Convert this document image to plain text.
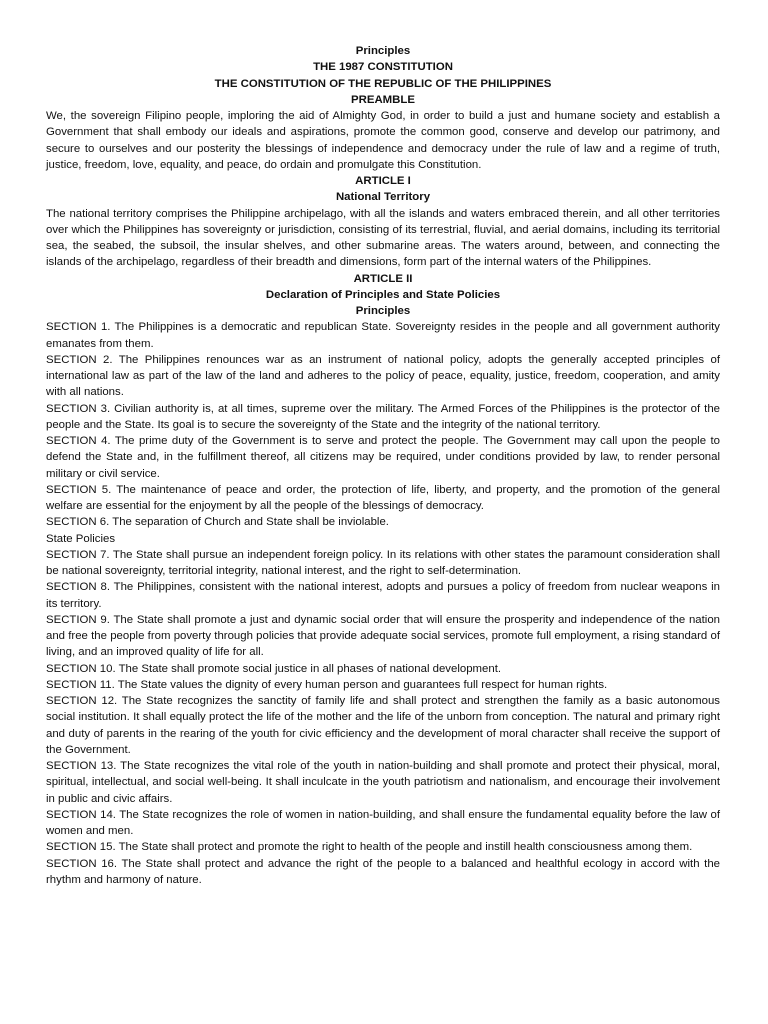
Principles
THE 1987 CONSTITUTION
THE CONSTITUTION OF THE REPUBLIC OF THE PHILIPPINES
PREAMBLE

We, the sovereign Filipino people, imploring the aid of Almighty God, in order to build a just and humane society and establish a Government that shall embody our ideals and aspirations, promote the common good, conserve and develop our patrimony, and secure to ourselves and our posterity the blessings of independence and democracy under the rule of law and a regime of truth, justice, freedom, love, equality, and peace, do ordain and promulgate this Constitution.

ARTICLE I
National Territory

The national territory comprises the Philippine archipelago, with all the islands and waters embraced therein, and all other territories over which the Philippines has sovereignty or jurisdiction, consisting of its terrestrial, fluvial, and aerial domains, including its territorial sea, the seabed, the subsoil, the insular shelves, and other submarine areas. The waters around, between, and connecting the islands of the archipelago, regardless of their breadth and dimensions, form part of the internal waters of the Philippines.

ARTICLE II
Declaration of Principles and State Policies
Principles

SECTION 1. The Philippines is a democratic and republican State. Sovereignty resides in the people and all government authority emanates from them.

SECTION 2. The Philippines renounces war as an instrument of national policy, adopts the generally accepted principles of international law as part of the law of the land and adheres to the policy of peace, equality, justice, freedom, cooperation, and amity with all nations.

SECTION 3. Civilian authority is, at all times, supreme over the military. The Armed Forces of the Philippines is the protector of the people and the State. Its goal is to secure the sovereignty of the State and the integrity of the national territory.

SECTION 4. The prime duty of the Government is to serve and protect the people. The Government may call upon the people to defend the State and, in the fulfillment thereof, all citizens may be required, under conditions provided by law, to render personal military or civil service.

SECTION 5. The maintenance of peace and order, the protection of life, liberty, and property, and the promotion of the general welfare are essential for the enjoyment by all the people of the blessings of democracy.

SECTION 6. The separation of Church and State shall be inviolable.

State Policies

SECTION 7. The State shall pursue an independent foreign policy. In its relations with other states the paramount consideration shall be national sovereignty, territorial integrity, national interest, and the right to self-determination.

SECTION 8. The Philippines, consistent with the national interest, adopts and pursues a policy of freedom from nuclear weapons in its territory.

SECTION 9. The State shall promote a just and dynamic social order that will ensure the prosperity and independence of the nation and free the people from poverty through policies that provide adequate social services, promote full employment, a rising standard of living, and an improved quality of life for all.

SECTION 10. The State shall promote social justice in all phases of national development.

SECTION 11. The State values the dignity of every human person and guarantees full respect for human rights.

SECTION 12. The State recognizes the sanctity of family life and shall protect and strengthen the family as a basic autonomous social institution. It shall equally protect the life of the mother and the life of the unborn from conception. The natural and primary right and duty of parents in the rearing of the youth for civic efficiency and the development of moral character shall receive the support of the Government.

SECTION 13. The State recognizes the vital role of the youth in nation-building and shall promote and protect their physical, moral, spiritual, intellectual, and social well-being. It shall inculcate in the youth patriotism and nationalism, and encourage their involvement in public and civic affairs.

SECTION 14. The State recognizes the role of women in nation-building, and shall ensure the fundamental equality before the law of women and men.

SECTION 15. The State shall protect and promote the right to health of the people and instill health consciousness among them.

SECTION 16. The State shall protect and advance the right of the people to a balanced and healthful ecology in accord with the rhythm and harmony of nature.
